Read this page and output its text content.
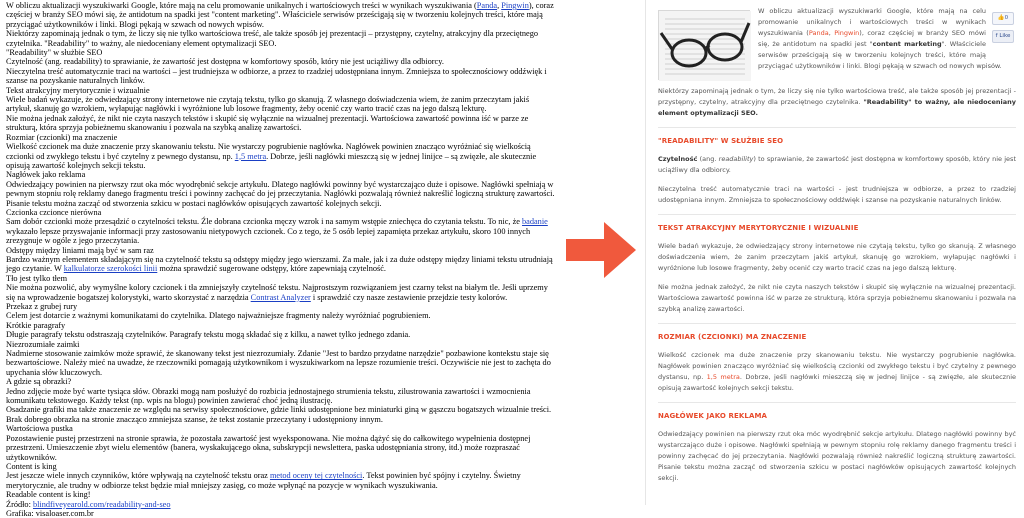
W obliczu aktualizacji wyszukiwarki Google, które mają na celu promowanie unikalnych i wartościowych treści w wynikach wyszukiwania (Panda, Pingwin), coraz częściej w branży SEO mówi się, że antidotum na spadki jest "content marketing". Właściciele serwisów prześcigają się w tworzeniu kolejnych treści, które mają przyciągać użytkowników i linki. Blogi pękają w szwach od nowych wpisów.

Niektórzy zapominają jednak o tym, że liczy się nie tylko wartościowa treść, ale także sposób jej prezentacji – przystępny, czytelny, atrakcyjny dla przeciętnego czytelnika. "Readability" to ważny, ale niedoceniany element optymalizacji SEO.

"Readability" w służbie SEO

Czytelność (ang. readability) to sprawianie, że zawartość jest dostępna w komfortowy sposób, który nie jest uciążliwy dla odbiorcy.

Nieczytelna treść automatycznie traci na wartości – jest trudniejsza w odbiorze, a przez to rzadziej udostępniana innym. Zmniejsza to społecznościowy oddźwięk i szanse na pozyskanie naturalnych linków.

Tekst atrakcyjny merytorycznie i wizualnie

Wiele badań wykazuje, że odwiedzający strony internetowe nie czytają tekstu, tylko go skanują. Z własnego doświadczenia wiem, że zanim przeczytam jakiś artykuł, skanuję go wzrokiem, wyłapując nagłówki i wyróżnione lub losowe fragmenty, żeby ocenić czy warto tracić czas na jego dalszą lekturę.

Nie można jednak założyć, że nikt nie czyta naszych tekstów i skupić się wyłącznie na wizualnej prezentacji. Wartościowa zawartość powinna iść w parze ze strukturą, która sprzyja pobieżnemu skanowaniu i pozwala na szybką analizę zawartości.

Rozmiar (czcionki) ma znaczenie

Wielkość czcionek ma duże znaczenie przy skanowaniu tekstu. Nie wystarczy pogrubienie nagłówka. Nagłówek powinien znacząco wyróżniać się wielkością czcionki od zwykłego tekstu i być czytelny z pewnego dystansu, np. 1,5 metra. Dobrze, jeśli nagłówki mieszczą się w jednej linijce – są zwięzłe, ale skutecznie opisują zawartość kolejnych sekcji tekstu.

Nagłówek jako reklama

Odwiedzający powinien na pierwszy rzut oka móc wyodrębnić sekcje artykułu. Dlatego nagłówki powinny być wystarczająco duże i opisowe. Nagłówki spełniają w pewnym stopniu rolę reklamy danego fragmentu treści i powinny zachęcać do jej przeczytania. Nagłówki pozwalają również nakreślić logiczną strukturę zawartości. Pisanie tekstu można zacząć od stworzenia szkicu w postaci nagłówków opisujących zawartość kolejnych sekcji.

Czcionka czcionce nierówna

Sam dobór czcionki może przesądzić o czytelności tekstu. Źle dobrana czcionka męczy wzrok i na samym wstępie zniechęca do czytania tekstu. To nic, że badanie wykazało lepsze przyswajanie informacji przy zastosowaniu nietypowych czcionek. Co z tego, że 5 osób lepiej zapamięta przekaz artykułu, skoro 100 innych zrezygnuje w ogóle z jego przeczytania.

Odstępy między liniami mają być w sam raz

Bardzo ważnym elementem składającym się na czytelność tekstu są odstępy między jego wierszami. Za małe, jak i za duże odstępy między liniami tekstu utrudniają jego czytanie. W kalkulatorze szerokości linii można sprawdzić sugerowane odstępy, które zapewniają czytelność.

Tło jest tylko tłem

Nie można pozwolić, aby wymyślne kolory czcionek i tła zmniejszyły czytelność tekstu. Najprostszym rozwiązaniem jest czarny tekst na białym tle. Jeśli uprzemy się na wprowadzenie bogatszej kolorystyki, warto skorzystać z narzędzia Contrast Analyzer i sprawdzić czy nasze zestawienie przejdzie testy kolorów.

Przekaz z grubej rury

Celem jest dotarcie z ważnymi komunikatami do czytelnika. Dlatego najważniejsze fragmenty należy wyróżniać pogrubieniem.

Krótkie paragrafy

Długie paragrafy tekstu odstraszają czytelników. Paragrafy tekstu mogą składać się z kilku, a nawet tylko jednego zdania.

Niezrozumiałe zaimki

Nadmierne stosowanie zaimków może sprawić, że skanowany tekst jest niezrozumiały. Zdanie "Jest to bardzo przydatne narzędzie" pozbawione kontekstu staje się bezwartościowe. Należy mieć na uwadze, że rzeczowniki pomagają użytkownikom i wyszukiwarkom na lepsze rozumienie treści. Oczywiście nie jest to zachęta do upychania słów kluczowych.

A gdzie są obrazki?

Jedno zdjęcie może być warte tysiąca słów. Obrazki mogą nam posłużyć do rozbicia jednostajnego strumienia tekstu, zilustrowania zawartości i wzmocnienia komunikatu tekstowego. Każdy tekst (np. wpis na blogu) powinien zawierać choć jedną ilustrację.

Osadzanie grafiki ma także znaczenie ze względu na serwisy społecznościowe, gdzie linki udostępnione bez miniaturki giną w gąszczu bogatszych wizualnie treści. Brak dobrego obrazka na stronie znacząco zmniejsza szanse, że tekst zostanie przeczytany i udostępniony innym.

Wartościowa pustka

Pozostawienie pustej przestrzeni na stronie sprawia, że pozostała zawartość jest wyeksponowana. Nie można dążyć się do całkowitego wypełnienia dostępnej przestrzeni. Umieszczenie zbyt wielu elementów (banera, wyskakującego okna, subskrypcji newslettera, paska udostępniania strony, itd.) może rozpraszać użytkowników.

Content is king

Jest jeszcze wiele innych czynników, które wpływają na czytelność tekstu oraz metod oceny tej czytelności. Tekst powinien być spójny i czytelny. Świetny merytorycznie, ale trudny w odbiorze tekst będzie miał mniejszy zasięg, co może wpłynąć na pozycje w wynikach wyszukiwania.

Readable content is king!

Źródło: blindfiveyearold.com/readability-and-seo

Grafika: visaloaser.com.br

👍0
f Like

W obliczu aktualizacji wyszukiwarki Google, które mają na celu promowanie unikalnych i wartościowych treści w wynikach wyszukiwania (Panda, Pingwin), coraz częściej w branży SEO mówi się, że antidotum na spadki jest "content marketing". Właściciele serwisów prześcigają się w tworzeniu kolejnych treści, które mają przyciągać użytkowników i linki. Blogi pękają w szwach od nowych wpisów.

Niektórzy zapominają jednak o tym, że liczy się nie tylko wartościowa treść, ale także sposób jej prezentacji - przystępny, czytelny, atrakcyjny dla przeciętnego czytelnika. "Readability" to ważny, ale niedoceniany element optymalizacji SEO.

"READABILITY" W SŁUŻBIE SEO

Czytelność (ang. readability) to sprawianie, że zawartość jest dostępna w komfortowy sposób, który nie jest uciążliwy dla odbiorcy.

Nieczytelna treść automatycznie traci na wartości - jest trudniejsza w odbiorze, a przez to rzadziej udostępniana innym. Zmniejsza to społecznościowy oddźwięk i szanse na pozyskanie naturalnych linków.

TEKST ATRAKCYJNY MERYTORYCZNIE I WIZUALNIE

Wiele badań wykazuje, że odwiedzający strony internetowe nie czytają tekstu, tylko go skanują. Z własnego doświadczenia wiem, że zanim przeczytam jakiś artykuł, skanuję go wzrokiem, wyłapując nagłówki i wyróżnione lub losowe fragmenty, żeby ocenić czy warto tracić czas na jego dalszą lekturę.

Nie można jednak założyć, że nikt nie czyta naszych tekstów i skupić się wyłącznie na wizualnej prezentacji. Wartościowa zawartość powinna iść w parze ze strukturą, która sprzyja pobieżnemu skanowaniu i pozwala na szybką analizę zawartości.

ROZMIAR (CZCIONKI) MA ZNACZENIE

Wielkość czcionek ma duże znaczenie przy skanowaniu tekstu. Nie wystarczy pogrubienie nagłówka. Nagłówek powinien znacząco wyróżniać się wielkością czcionki od zwykłego tekstu i być czytelny z pewnego dystansu, np. 1,5 metra. Dobrze, jeśli nagłówki mieszczą się w jednej linijce - są zwięzłe, ale skutecznie opisują zawartość kolejnych sekcji tekstu.

NAGŁÓWEK JAKO REKLAMA

Odwiedzający powinien na pierwszy rzut oka móc wyodrębnić sekcje artykułu. Dlatego nagłówki powinny być wystarczająco duże i opisowe. Nagłówki spełniają w pewnym stopniu rolę reklamy danego fragmentu treści i powinny zachęcać do jej przeczytania. Nagłówki pozwalają również nakreślić logiczną strukturę zawartości. Pisanie tekstu można zacząć od stworzenia szkicu w postaci nagłówków opisujących zawartość kolejnych sekcji.
